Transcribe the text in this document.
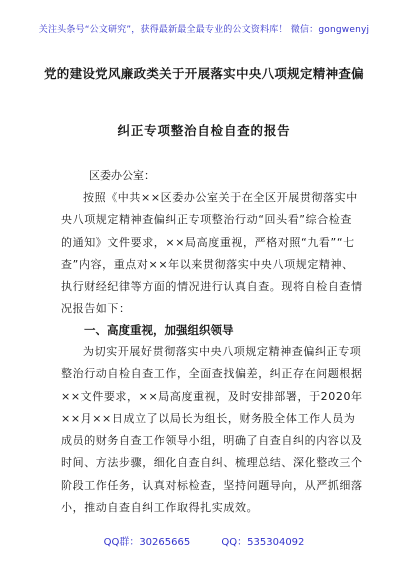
关注头条号“公文研究”，获得最新最全最专业的公文资料库！ 微信：gongwenyj
党的建设党风廉政类关于开展落实中央八项规定精神查偏
纠正专项整治自检自查的报告
区委办公室：
按照《中共××区委办公室关于在全区开展贯彻落实中央八项规定精神查偏纠正专项整治行动“回头看”综合检查的通知》文件要求，××局高度重视，严格对照“九看”“七查”内容，重点对××年以来贯彻落实中央八项规定精神、执行财经纪律等方面的情况进行认真自查。现将自检自查情况报告如下：
一、高度重视，加强组织领导
为切实开展好贯彻落实中央八项规定精神查偏纠正专项整治行动自检自查工作，全面查找偏差，纠正存在问题根据××文件要求，××局高度重视，及时安排部署，于2020年××月××日成立了以局长为组长，财务股全体工作人员为成员的财务自查工作领导小组，明确了自查自纠的内容以及时间、方法步骤，细化自查自纠、梳理总结、深化整改三个阶段工作任务，认真对标检查，坚持问题导向，从严抓细落小，推动自查自纠工作取得扎实成效。
QQ群：30265665	QQ：535304092
